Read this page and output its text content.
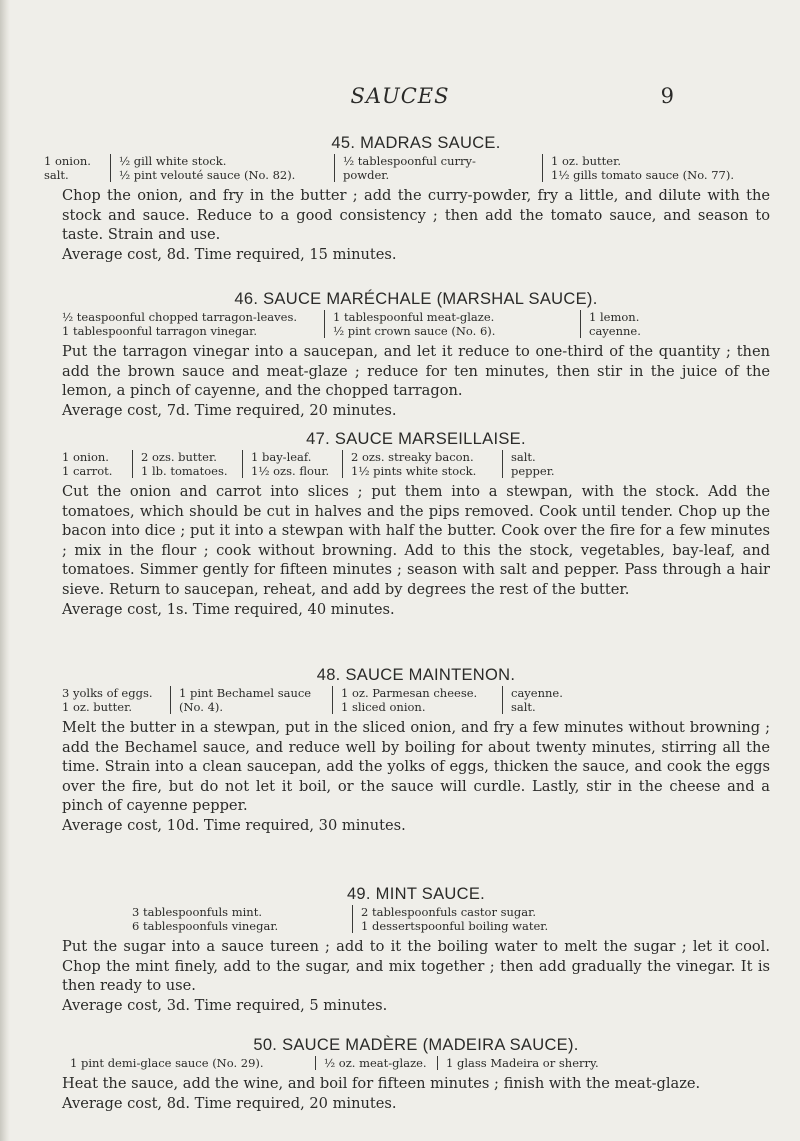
SAUCES	9
45. MADRAS SAUCE.
1 onion.
salt.
½ gill white stock.
½ pint velouté sauce (No. 82).
½ tablespoonful curry-
powder.
1 oz. butter.
1½ gills tomato sauce (No. 77).

Chop the onion, and fry in the butter ; add the curry-powder, fry a little, and dilute with the stock and sauce. Reduce to a good consistency ; then add the tomato sauce, and season to taste. Strain and use.

Average cost, 8d. Time required, 15 minutes.
46. SAUCE MARÉCHALE (MARSHAL SAUCE).
½ teaspoonful chopped tarragon-leaves.
1 tablespoonful tarragon vinegar.
1 tablespoonful meat-glaze.
½ pint crown sauce (No. 6).
1 lemon.
cayenne.

Put the tarragon vinegar into a saucepan, and let it reduce to one-third of the quantity ; then add the brown sauce and meat-glaze ; reduce for ten minutes, then stir in the juice of the lemon, a pinch of cayenne, and the chopped tarragon.

Average cost, 7d. Time required, 20 minutes.
47. SAUCE MARSEILLAISE.
1 onion.
1 carrot.
2 ozs. butter.
1 lb. tomatoes.
1 bay-leaf.
1½ ozs. flour.
2 ozs. streaky bacon.
1½ pints white stock.
salt.
pepper.

Cut the onion and carrot into slices ; put them into a stewpan, with the stock. Add the tomatoes, which should be cut in halves and the pips removed. Cook until tender. Chop up the bacon into dice ; put it into a stewpan with half the butter. Cook over the fire for a few minutes ; mix in the flour ; cook without browning. Add to this the stock, vegetables, bay-leaf, and tomatoes. Simmer gently for fifteen minutes ; season with salt and pepper. Pass through a hair sieve. Return to saucepan, reheat, and add by degrees the rest of the butter.

Average cost, 1s. Time required, 40 minutes.
48. SAUCE MAINTENON.
3 yolks of eggs.
1 oz. butter.
1 pint Bechamel sauce
(No. 4).
1 oz. Parmesan cheese.
1 sliced onion.
cayenne.
salt.

Melt the butter in a stewpan, put in the sliced onion, and fry a few minutes without browning ; add the Bechamel sauce, and reduce well by boiling for about twenty minutes, stirring all the time. Strain into a clean saucepan, add the yolks of eggs, thicken the sauce, and cook the eggs over the fire, but do not let it boil, or the sauce will curdle. Lastly, stir in the cheese and a pinch of cayenne pepper.

Average cost, 10d. Time required, 30 minutes.
49. MINT SAUCE.
3 tablespoonfuls mint.
6 tablespoonfuls vinegar.
2 tablespoonfuls castor sugar.
1 dessertspoonful boiling water.

Put the sugar into a sauce tureen ; add to it the boiling water to melt the sugar ; let it cool. Chop the mint finely, add to the sugar, and mix together ; then add gradually the vinegar. It is then ready to use.

Average cost, 3d. Time required, 5 minutes.
50. SAUCE MADÈRE (MADEIRA SAUCE).
1 pint demi-glace sauce (No. 29).	½ oz. meat-glaze. 1 glass Madeira or sherry.

Heat the sauce, add the wine, and boil for fifteen minutes ; finish with the meat-glaze.

Average cost, 8d. Time required, 20 minutes.
